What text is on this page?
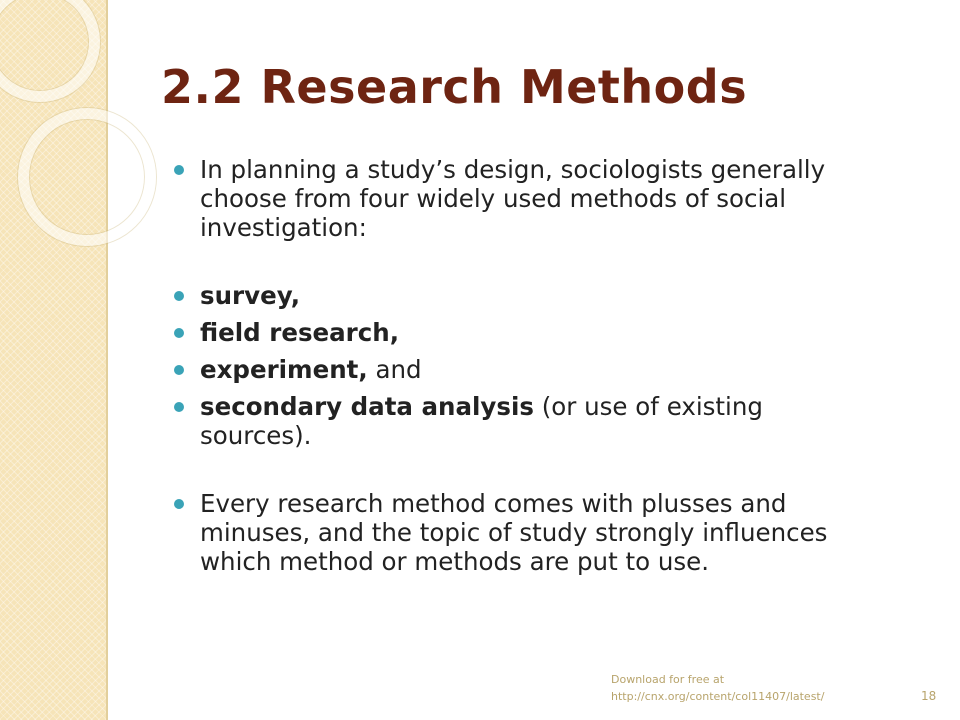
2.2 Research Methods
In planning a study’s design, sociologists generally choose from four widely used methods of social investigation:
survey,
field research,
experiment, and
secondary data analysis (or use of existing sources).
Every research method comes with plusses and minuses, and the topic of study strongly influences which method or methods are put to use.
Download for free at
http://cnx.org/content/col11407/latest/	18
